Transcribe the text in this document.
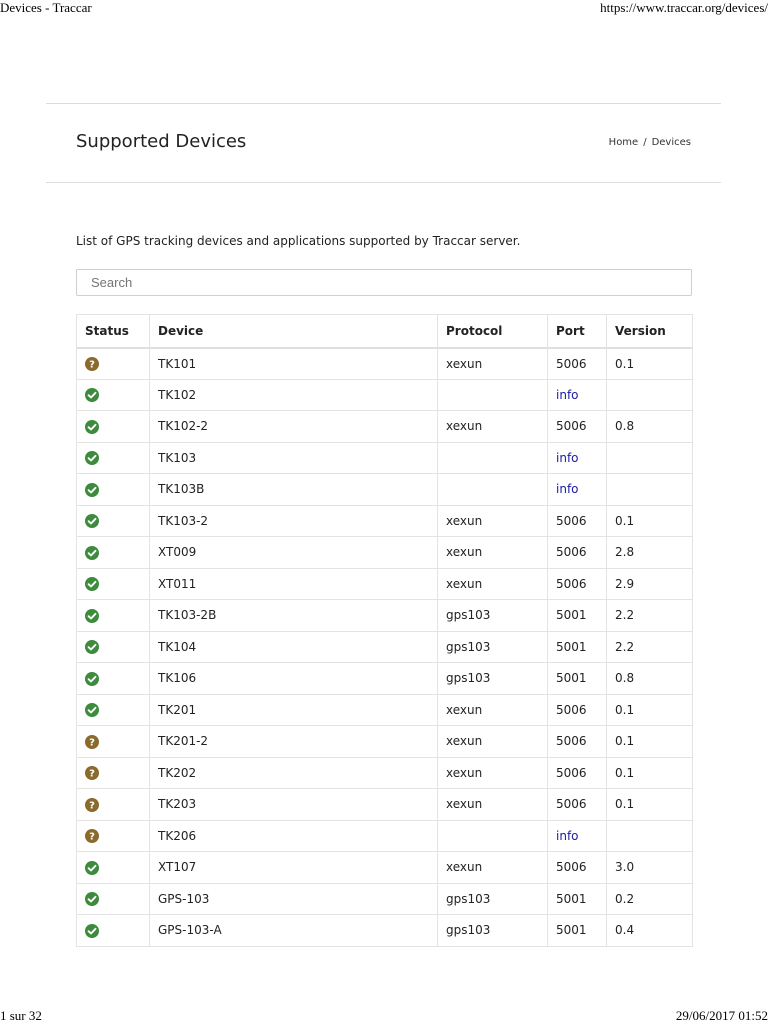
Devices - Traccar	https://www.traccar.org/devices/
Supported Devices	Home / Devices
List of GPS tracking devices and applications supported by Traccar server.
Search
Status	Device	Protocol	Port	Version

?	TK101	xexun	5006	0.1

	TK102		info	

	TK102-2	xexun	5006	0.8

	TK103		info	

	TK103B		info	

	TK103-2	xexun	5006	0.1

	XT009	xexun	5006	2.8

	XT011	xexun	5006	2.9

	TK103-2B	gps103	5001	2.2

	TK104	gps103	5001	2.2

	TK106	gps103	5001	0.8

	TK201	xexun	5006	0.1

?	TK201-2	xexun	5006	0.1

?	TK202	xexun	5006	0.1

?	TK203	xexun	5006	0.1

?	TK206		info	

	XT107	xexun	5006	3.0

	GPS-103	gps103	5001	0.2

	GPS-103-A	gps103	5001	0.4
1 sur 32	29/06/2017 01:52
